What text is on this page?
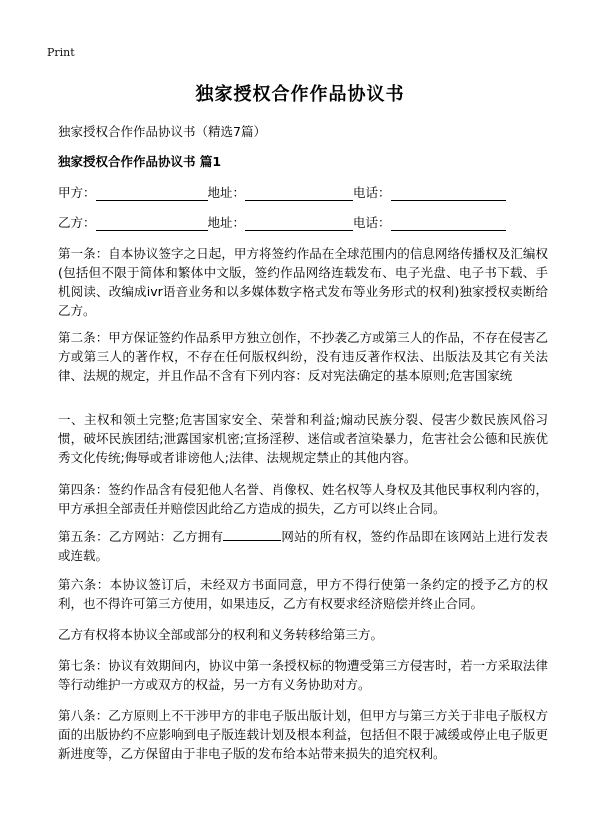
Print
独家授权合作作品协议书
独家授权合作作品协议书（精选7篇）
独家授权合作作品协议书 篇1
甲方：	地址：	电话：
乙方：	地址：	电话：

第一条：自本协议签字之日起，甲方将签约作品在全球范围内的信息网络传播权及汇编权(包括但不限于简体和繁体中文版，签约作品网络连载发布、电子光盘、电子书下载、手机阅读、改编成ivr语音业务和以多媒体数字格式发布等业务形式的权利)独家授权卖断给乙方。

第二条：甲方保证签约作品系甲方独立创作，不抄袭乙方或第三人的作品，不存在侵害乙方或第三人的著作权，不存在任何版权纠纷，没有违反著作权法、出版法及其它有关法律、法规的规定，并且作品不含有下列内容：反对宪法确定的基本原则;危害国家统

一、主权和领土完整;危害国家安全、荣誉和利益;煽动民族分裂、侵害少数民族风俗习惯，破坏民族团结;泄露国家机密;宣扬淫秽、迷信或者渲染暴力，危害社会公德和民族优秀文化传统;侮辱或者诽谤他人;法律、法规规定禁止的其他内容。

第四条：签约作品含有侵犯他人名誉、肖像权、姓名权等人身权及其他民事权利内容的，甲方承担全部责任并赔偿因此给乙方造成的损失，乙方可以终止合同。

第五条：乙方网站：乙方拥有	网站的所有权，签约作品即在该网站上进行发表或连载。

第六条：本协议签订后，未经双方书面同意，甲方不得行使第一条约定的授予乙方的权利，也不得许可第三方使用，如果违反，乙方有权要求经济赔偿并终止合同。

乙方有权将本协议全部或部分的权利和义务转移给第三方。

第七条：协议有效期间内，协议中第一条授权标的物遭受第三方侵害时，若一方采取法律等行动维护一方或双方的权益，另一方有义务协助对方。

第八条：乙方原则上不干涉甲方的非电子版出版计划，但甲方与第三方关于非电子版权方面的出版协约不应影响到电子版连载计划及根本利益，包括但不限于减缓或停止电子版更新进度等，乙方保留由于非电子版的发布给本站带来损失的追究权利。
